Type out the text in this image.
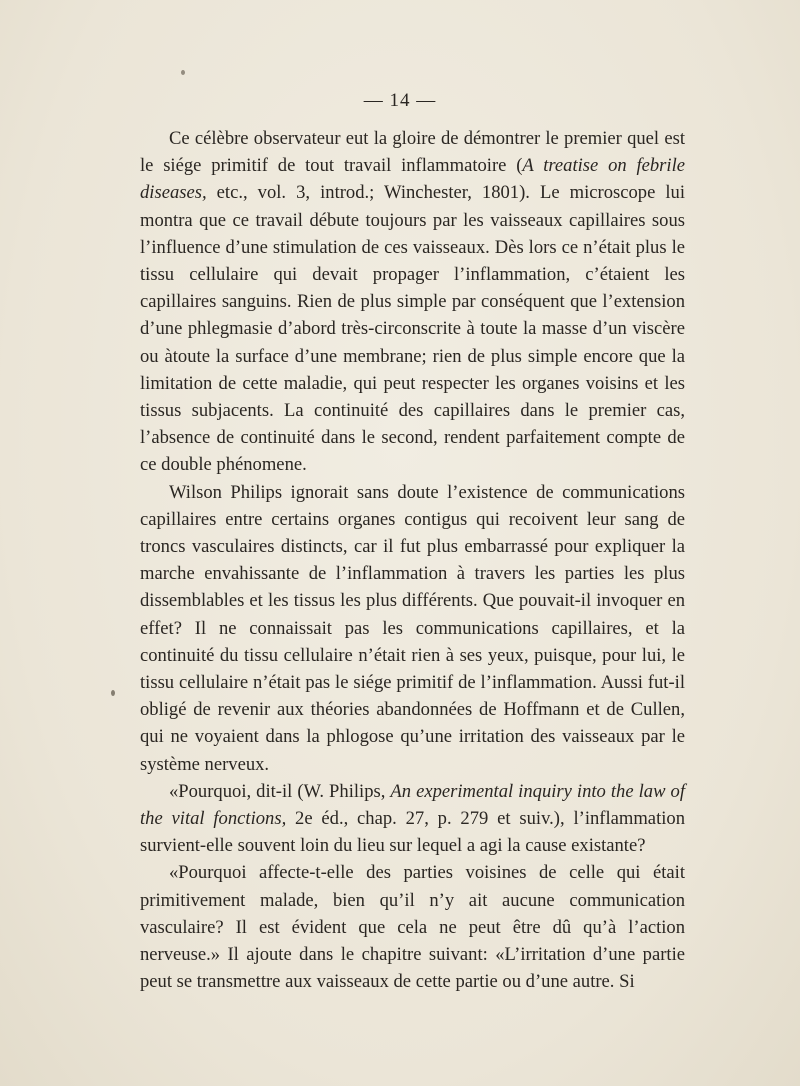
— 14 —

Ce célèbre observateur eut la gloire de démontrer le premier quel est le siége primitif de tout travail inflammatoire (A treatise on febrile diseases, etc., vol. 3, introd.; Winchester, 1801). Le microscope lui montra que ce travail débute toujours par les vaisseaux capillaires sous l’influence d’une stimulation de ces vaisseaux. Dès lors ce n’était plus le tissu cellulaire qui devait propager l’inflammation, c’étaient les capillaires sanguins. Rien de plus simple par conséquent que l’extension d’une phlegmasie d’abord très-circonscrite à toute la masse d’un viscère ou àtoute la surface d’une membrane; rien de plus simple encore que la limitation de cette maladie, qui peut respecter les organes voisins et les tissus subjacents. La continuité des capillaires dans le premier cas, l’absence de continuité dans le second, rendent parfaitement compte de ce double phénomene.

Wilson Philips ignorait sans doute l’existence de communications capillaires entre certains organes contigus qui recoivent leur sang de troncs vasculaires distincts, car il fut plus embarrassé pour expliquer la marche envahissante de l’inflammation à travers les parties les plus dissemblables et les tissus les plus différents. Que pouvait-il invoquer en effet? Il ne connaissait pas les communications capillaires, et la continuité du tissu cellulaire n’était rien à ses yeux, puisque, pour lui, le tissu cellulaire n’était pas le siége primitif de l’inflammation. Aussi fut-il obligé de revenir aux théories abandonnées de Hoffmann et de Cullen, qui ne voyaient dans la phlogose qu’une irritation des vaisseaux par le système nerveux.

«Pourquoi, dit-il (W. Philips, An experimental inquiry into the law of the vital fonctions, 2e éd., chap. 27, p. 279 et suiv.), l’inflammation survient-elle souvent loin du lieu sur lequel a agi la cause existante?

«Pourquoi affecte-t-elle des parties voisines de celle qui était primitivement malade, bien qu’il n’y ait aucune communication vasculaire? Il est évident que cela ne peut être dû qu’à l’action nerveuse.» Il ajoute dans le chapitre suivant: «L’irritation d’une partie peut se transmettre aux vaisseaux de cette partie ou d’une autre. Si
